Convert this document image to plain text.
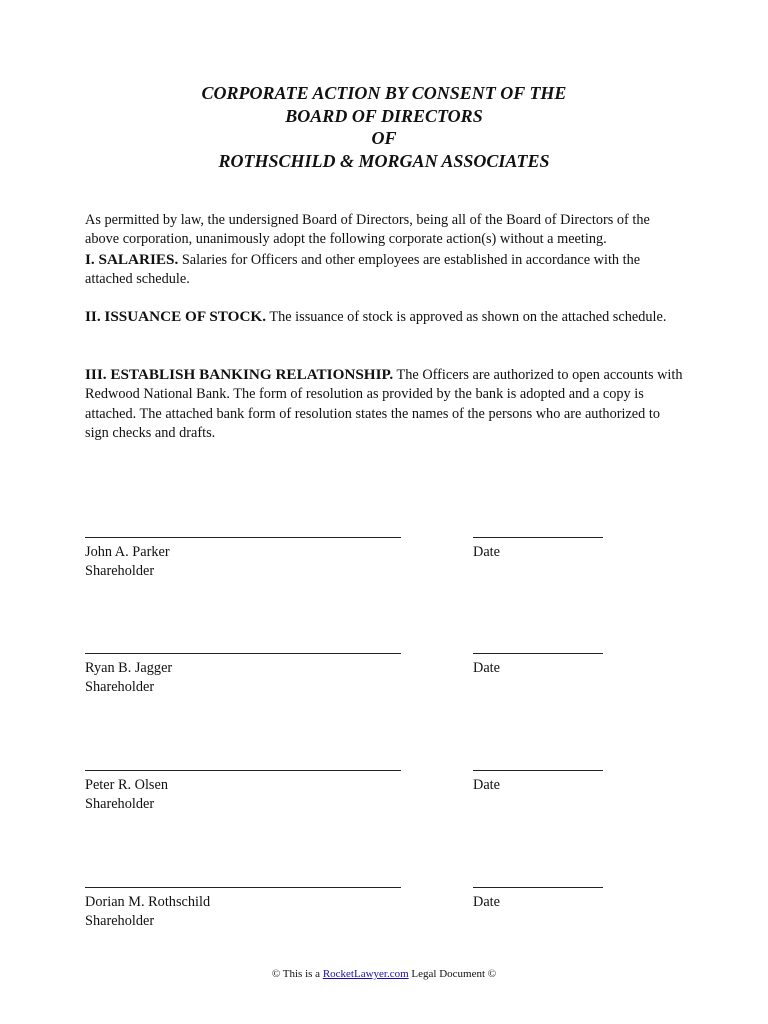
CORPORATE ACTION BY CONSENT OF THE
BOARD OF DIRECTORS
OF
ROTHSCHILD & MORGAN ASSOCIATES
As permitted by law, the undersigned Board of Directors, being all of the Board of Directors of the above corporation, unanimously adopt the following corporate action(s) without a meeting.
I. SALARIES. Salaries for Officers and other employees are established in accordance with the attached schedule.
II. ISSUANCE OF STOCK. The issuance of stock is approved as shown on the attached schedule.
III. ESTABLISH BANKING RELATIONSHIP. The Officers are authorized to open accounts with Redwood National Bank. The form of resolution as provided by the bank is adopted and a copy is attached. The attached bank form of resolution states the names of the persons who are authorized to sign checks and drafts.
John A. Parker
Shareholder
Date
Ryan B. Jagger
Shareholder
Date
Peter R. Olsen
Shareholder
Date
Dorian M. Rothschild
Shareholder
Date
© This is a RocketLawyer.com Legal Document ©
